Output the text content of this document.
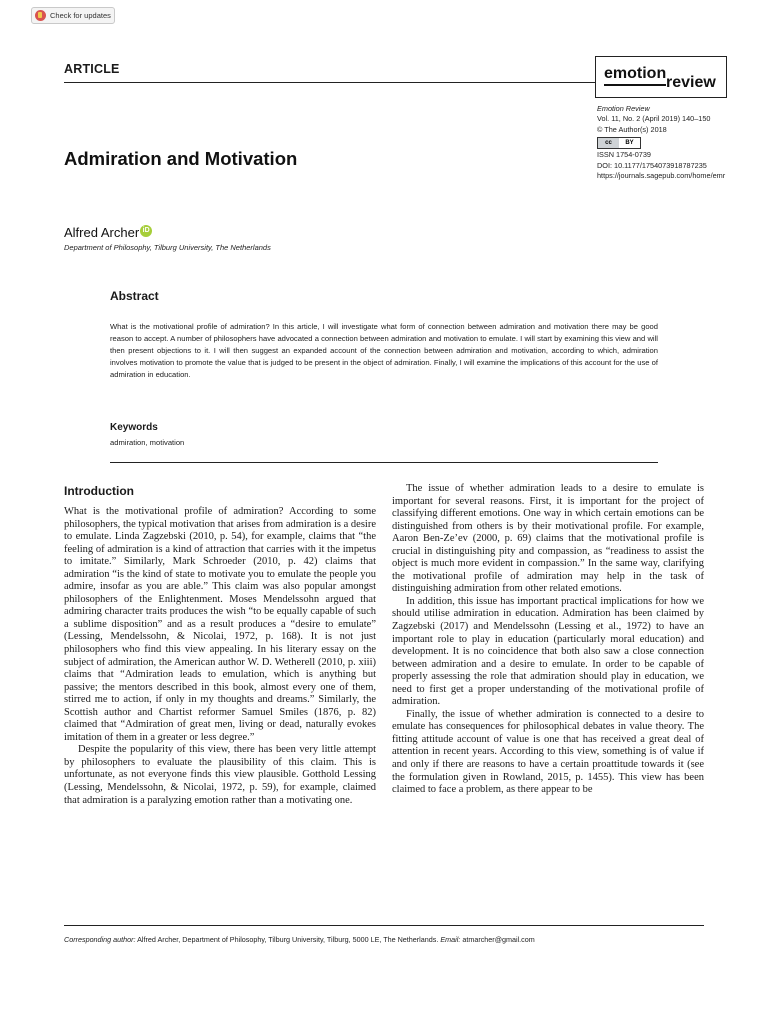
Check for updates
ARTICLE	emotion
review
Emotion Review
Vol. 11, No. 2 (April 2019) 140–150
© The Author(s) 2018
cc	BY
ISSN 1754-0739
DOI: 10.1177/1754073918787235
https://journals.sagepub.com/home/emr
Admiration and Motivation
Alfred Archer iD
Department of Philosophy, Tilburg University, The Netherlands
Abstract

What is the motivational profile of admiration? In this article, I will investigate what form of connection between admiration and motivation there may be good reason to accept. A number of philosophers have advocated a connection between admiration and motivation to emulate. I will start by examining this view and will then present objections to it. I will then suggest an expanded account of the connection between admiration and motivation, according to which, admiration involves motivation to promote the value that is judged to be present in the object of admiration. Finally, I will examine the implications of this account for the use of admiration in education.

Keywords
admiration, motivation
Introduction

What is the motivational profile of admiration? According to some philosophers, the typical motivation that arises from admiration is a desire to emulate. Linda Zagzebski (2010, p. 54), for example, claims that “the feeling of admiration is a kind of attraction that carries with it the impetus to imitate.” Similarly, Mark Schroeder (2010, p. 42) claims that admiration “is the kind of state to motivate you to emulate the people you admire, insofar as you are able.” This claim was also popular amongst philosophers of the Enlightenment. Moses Mendelssohn argued that admiring character traits produces the wish “to be equally capable of such a sublime disposition” and as a result produces a “desire to emulate” (Lessing, Mendelssohn, & Nicolai, 1972, p. 168). It is not just philosophers who find this view appealing. In his literary essay on the subject of admiration, the American author W. D. Wetherell (2010, p. xiii) claims that “Admiration leads to emulation, which is anything but passive; the mentors described in this book, almost every one of them, stirred me to action, if only in my thoughts and dreams.” Similarly, the Scottish author and Chartist reformer Samuel Smiles (1876, p. 82) claimed that “Admiration of great men, living or dead, naturally evokes imitation of them in a greater or less degree.”

Despite the popularity of this view, there has been very little attempt by philosophers to evaluate the plausibility of this claim. This is unfortunate, as not everyone finds this view plausible. Gotthold Lessing (Lessing, Mendelssohn, & Nicolai, 1972, p. 59), for example, claimed that admiration is a paralyzing emotion rather than a motivating one.

The issue of whether admiration leads to a desire to emulate is important for several reasons. First, it is important for the project of classifying different emotions. One way in which certain emotions can be distinguished from others is by their motivational profile. For example, Aaron Ben-Ze’ev (2000, p. 69) claims that the motivational profile is crucial in distinguishing pity and compassion, as “readiness to assist the object is much more evident in compassion.” In the same way, clarifying the motivational profile of admiration may help in the task of distinguishing admiration from other related emotions.

In addition, this issue has important practical implications for how we should utilise admiration in education. Admiration has been claimed by Zagzebski (2017) and Mendelssohn (Lessing et al., 1972) to have an important role to play in education (particularly moral education) and development. It is no coincidence that both also saw a close connection between admiration and a desire to emulate. In order to be capable of properly assessing the role that admiration should play in education, we need to first get a proper understanding of the motivational profile of admiration.

Finally, the issue of whether admiration is connected to a desire to emulate has consequences for philosophical debates in value theory. The fitting attitude account of value is one that has received a great deal of attention in recent years. According to this view, something is of value if and only if there are reasons to have a certain proattitude towards it (see the formulation given in Rowland, 2015, p. 1455). This view has been claimed to face a problem, as there appear to be

Corresponding author: Alfred Archer, Department of Philosophy, Tilburg University, Tilburg, 5000 LE, The Netherlands. Email: atmarcher@gmail.com
